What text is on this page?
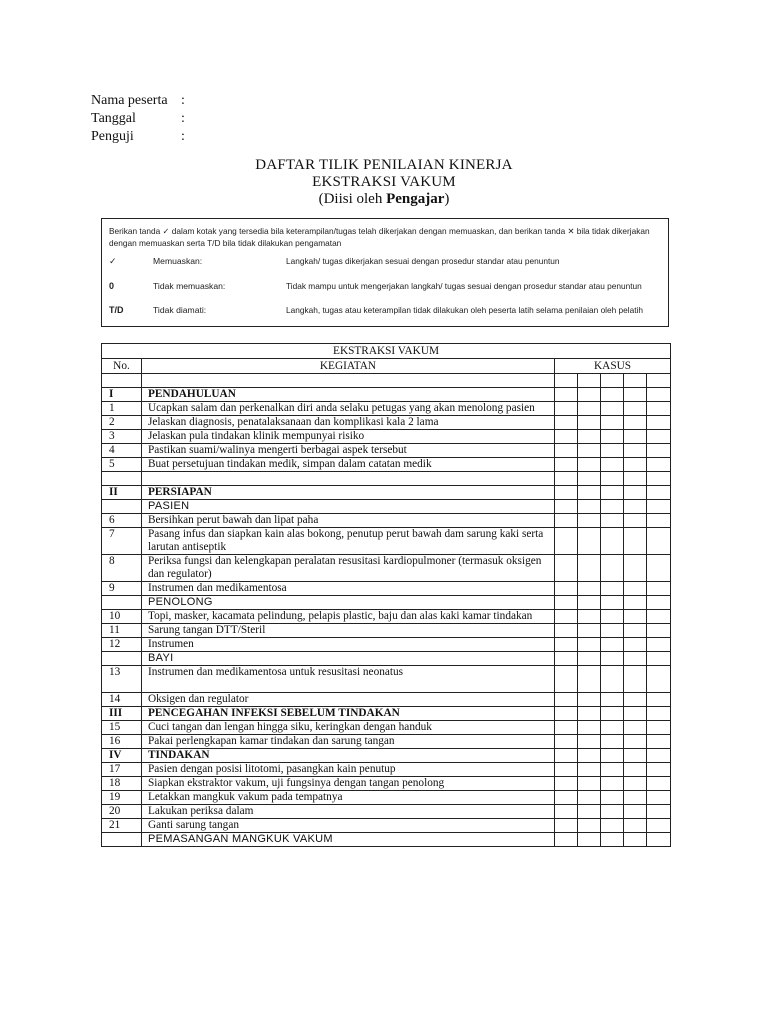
Nama peserta :
Tanggal	:
Penguji	:
DAFTAR TILIK PENILAIAN KINERJA
EKSTRAKSI VAKUM
(Diisi oleh Pengajar)
Berikan tanda ✓ dalam kotak yang tersedia bila keterampilan/tugas telah dikerjakan dengan memuaskan, dan berikan tanda ✕ bila tidak dikerjakan dengan memuaskan serta T/D bila tidak dilakukan pengamatan
✓	Memuaskan:	Langkah/ tugas dikerjakan sesuai dengan prosedur standar atau penuntun
0	Tidak memuaskan:	Tidak mampu untuk mengerjakan langkah/ tugas sesuai dengan prosedur standar atau penuntun
T/D	Tidak diamati:	Langkah, tugas atau keterampilan tidak dilakukan oleh peserta latih selama penilaian oleh pelatih
EKSTRAKSI VAKUM						
No.	KEGIATAN	KASUS				

I	PENDAHULUAN					
1	Ucapkan salam dan perkenalkan diri anda selaku petugas yang akan menolong pasien					
2	Jelaskan diagnosis, penatalaksanaan dan komplikasi kala 2 lama					
3	Jelaskan pula tindakan klinik mempunyai risiko					
4	Pastikan suami/walinya mengerti berbagai aspek tersebut					
5	Buat persetujuan tindakan medik, simpan dalam catatan medik					

II	PERSIAPAN					
	PASIEN					
6	Bersihkan perut bawah dan lipat paha					
7	Pasang infus dan siapkan kain alas bokong, penutup perut bawah dam sarung kaki serta larutan antiseptik					
8	Periksa fungsi dan kelengkapan peralatan resusitasi kardiopulmoner (termasuk oksigen dan regulator)					
9	Instrumen dan medikamentosa					
	PENOLONG					
10	Topi, masker, kacamata pelindung, pelapis plastic, baju dan alas kaki kamar tindakan					
11	Sarung tangan DTT/Steril					
12	Instrumen					
	BAYI					
13	Instrumen dan medikamentosa untuk resusitasi neonatus					
14	Oksigen dan regulator					
III	PENCEGAHAN INFEKSI SEBELUM TINDAKAN					
15	Cuci tangan dan lengan hingga siku, keringkan dengan handuk					
16	Pakai perlengkapan kamar tindakan dan sarung tangan					
IV	TINDAKAN					
17	Pasien dengan posisi litotomi, pasangkan kain penutup					
18	Siapkan ekstraktor vakum, uji fungsinya dengan tangan penolong					
19	Letakkan mangkuk vakum pada tempatnya					
20	Lakukan periksa dalam					
21	Ganti sarung tangan					
	PEMASANGAN MANGKUK VAKUM					
